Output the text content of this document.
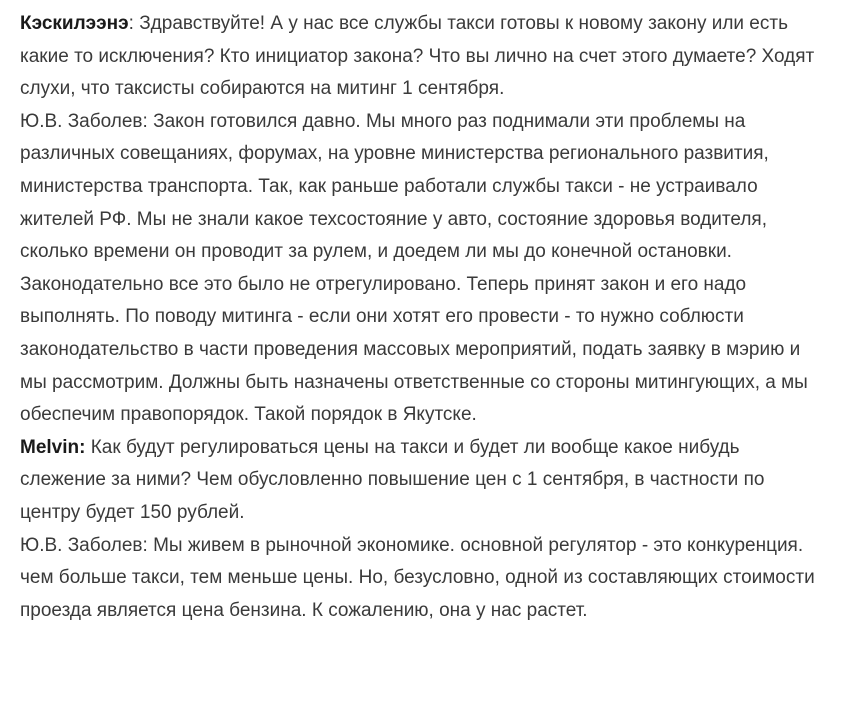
Кэскилээнэ: Здравствуйте! А у нас все службы такси готовы к новому закону или есть какие то исключения? Кто инициатор закона? Что вы лично на счет этого думаете? Ходят слухи, что таксисты собираются на митинг 1 сентября.

Ю.В. Заболев: Закон готовился давно. Мы много раз поднимали эти проблемы на различных совещаниях, форумах, на уровне министерства регионального развития, министерства транспорта. Так, как раньше работали службы такси - не устраивало жителей РФ. Мы не знали какое техсостояние у авто, состояние здоровья водителя, сколько времени он проводит за рулем, и доедем ли мы до конечной остановки. Законодательно все это было не отрегулировано. Теперь принят закон и его надо выполнять. По поводу митинга - если они хотят его провести - то нужно соблюсти законодательство в части проведения массовых мероприятий, подать заявку в мэрию и мы рассмотрим. Должны быть назначены ответственные со стороны митингующих, а мы обеспечим правопорядок. Такой порядок в Якутске.

Melvin: Как будут регулироваться цены на такси и будет ли вообще какое нибудь слежение за ними? Чем обусловленно повышение цен с 1 сентября, в частности по центру будет 150 рублей.

Ю.В. Заболев: Мы живем в рыночной экономике. основной регулятор - это конкуренция. чем больше такси, тем меньше цены. Но, безусловно, одной из составляющих стоимости проезда является цена бензина. К сожалению, она у нас растет.
